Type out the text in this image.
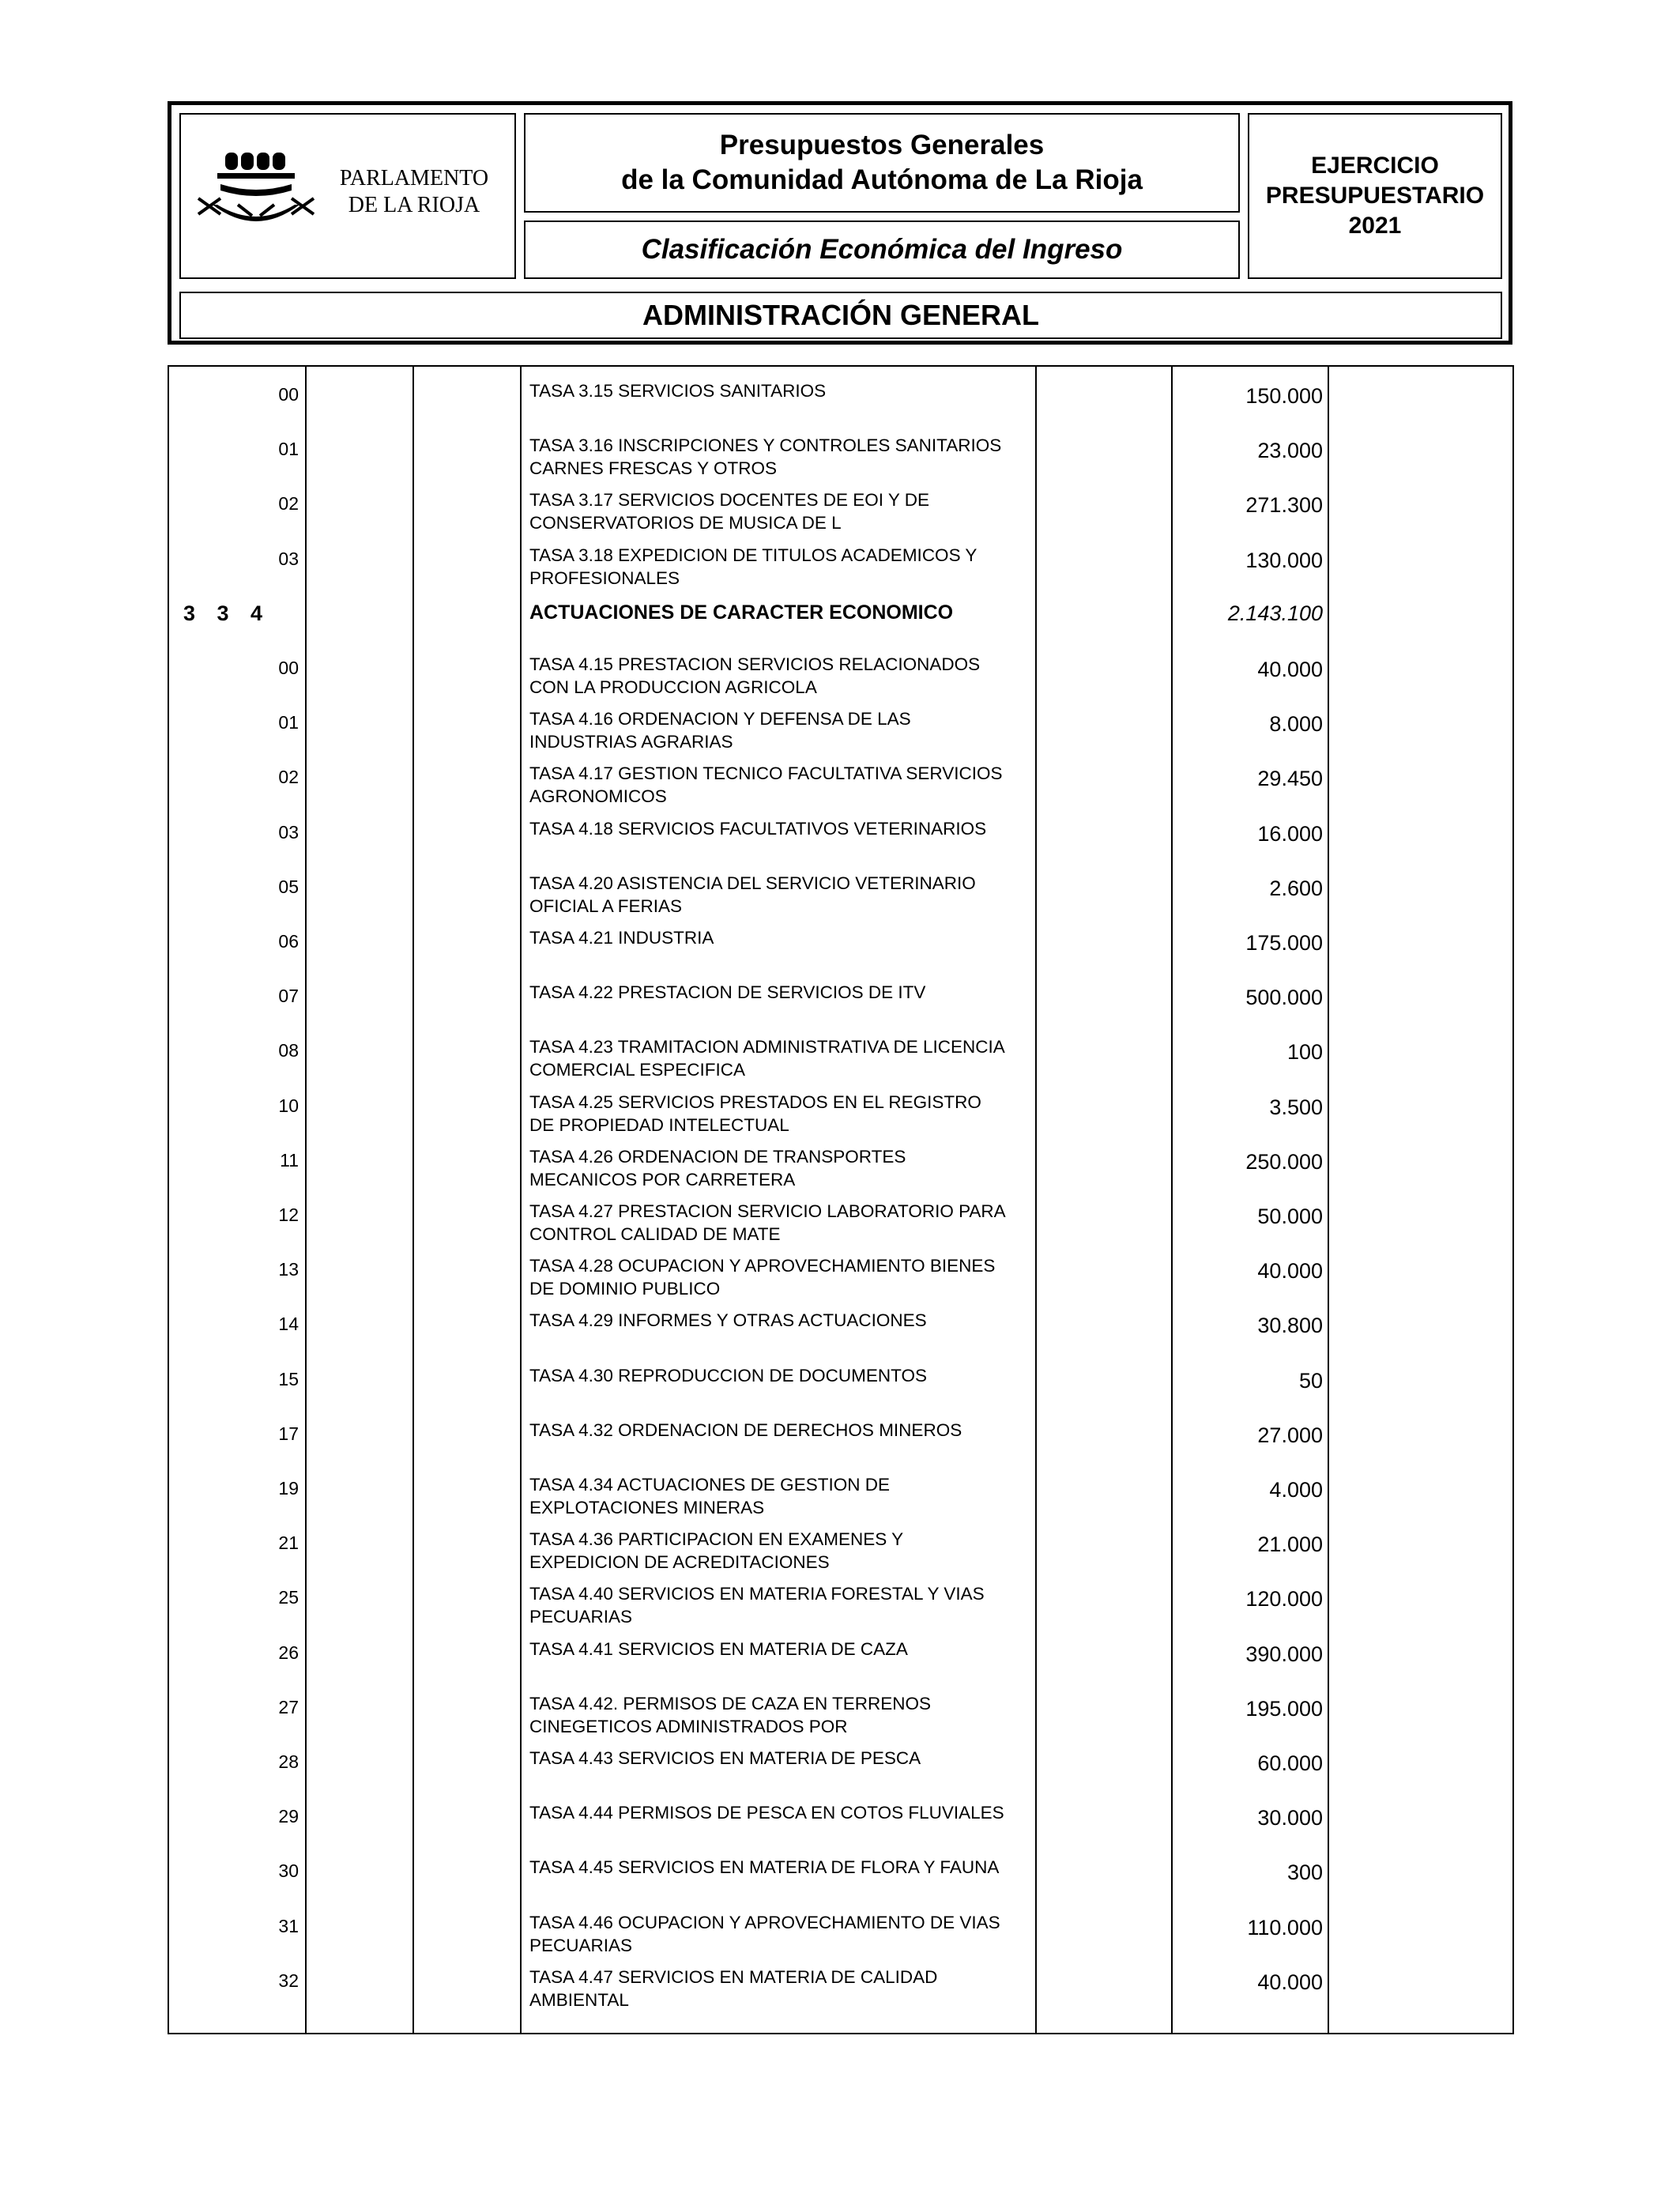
PARLAMENTO
DE LA RIOJA
Presupuestos Generales
de la Comunidad Autónoma de La Rioja
Clasificación Económica del Ingreso
EJERCICIO
PRESUPUESTARIO
2021
ADMINISTRACIÓN GENERAL
00	TASA 3.15 SERVICIOS SANITARIOS	150.000
01	TASA 3.16 INSCRIPCIONES Y CONTROLES SANITARIOS
CARNES FRESCAS Y OTROS
23.000
02	TASA 3.17 SERVICIOS DOCENTES DE EOI Y DE
CONSERVATORIOS DE MUSICA DE L
271.300
03	TASA 3.18 EXPEDICION DE TITULOS ACADEMICOS Y
PROFESIONALES
130.000
3 3 4	ACTUACIONES DE CARACTER ECONOMICO	2.143.100
00	TASA 4.15 PRESTACION SERVICIOS RELACIONADOS
CON LA PRODUCCION AGRICOLA
40.000
01	TASA 4.16 ORDENACION Y DEFENSA DE LAS
INDUSTRIAS AGRARIAS
8.000
02	TASA 4.17 GESTION TECNICO FACULTATIVA SERVICIOS
AGRONOMICOS
29.450
03	TASA 4.18 SERVICIOS FACULTATIVOS VETERINARIOS	16.000
05	TASA 4.20 ASISTENCIA DEL SERVICIO VETERINARIO
OFICIAL A FERIAS
2.600
06	TASA 4.21 INDUSTRIA	175.000
07	TASA 4.22 PRESTACION DE SERVICIOS DE ITV	500.000
08	TASA 4.23 TRAMITACION ADMINISTRATIVA DE LICENCIA
COMERCIAL ESPECIFICA
100
10	TASA 4.25 SERVICIOS PRESTADOS EN EL REGISTRO
DE PROPIEDAD INTELECTUAL
3.500
11	TASA 4.26 ORDENACION DE TRANSPORTES
MECANICOS POR CARRETERA
250.000
12	TASA 4.27 PRESTACION SERVICIO LABORATORIO PARA
CONTROL CALIDAD DE MATE
50.000
13	TASA 4.28 OCUPACION Y APROVECHAMIENTO BIENES
DE DOMINIO PUBLICO
40.000
14	TASA 4.29 INFORMES Y OTRAS ACTUACIONES	30.800
15	TASA 4.30 REPRODUCCION DE DOCUMENTOS	50
17	TASA 4.32 ORDENACION DE DERECHOS MINEROS	27.000
19	TASA 4.34 ACTUACIONES DE GESTION DE
EXPLOTACIONES MINERAS
4.000
21	TASA 4.36 PARTICIPACION EN EXAMENES Y
EXPEDICION DE ACREDITACIONES
21.000
25	TASA 4.40 SERVICIOS EN MATERIA FORESTAL Y VIAS
PECUARIAS
120.000
26	TASA 4.41 SERVICIOS EN MATERIA DE CAZA	390.000
27	TASA 4.42. PERMISOS DE CAZA EN TERRENOS
CINEGETICOS ADMINISTRADOS POR
195.000
28	TASA 4.43 SERVICIOS EN MATERIA DE PESCA	60.000
29	TASA 4.44 PERMISOS DE PESCA EN COTOS FLUVIALES	30.000
30	TASA 4.45 SERVICIOS EN MATERIA DE FLORA Y FAUNA	300
31	TASA 4.46 OCUPACION Y APROVECHAMIENTO DE VIAS
PECUARIAS
110.000
32	TASA 4.47 SERVICIOS EN MATERIA DE CALIDAD
AMBIENTAL
40.000
